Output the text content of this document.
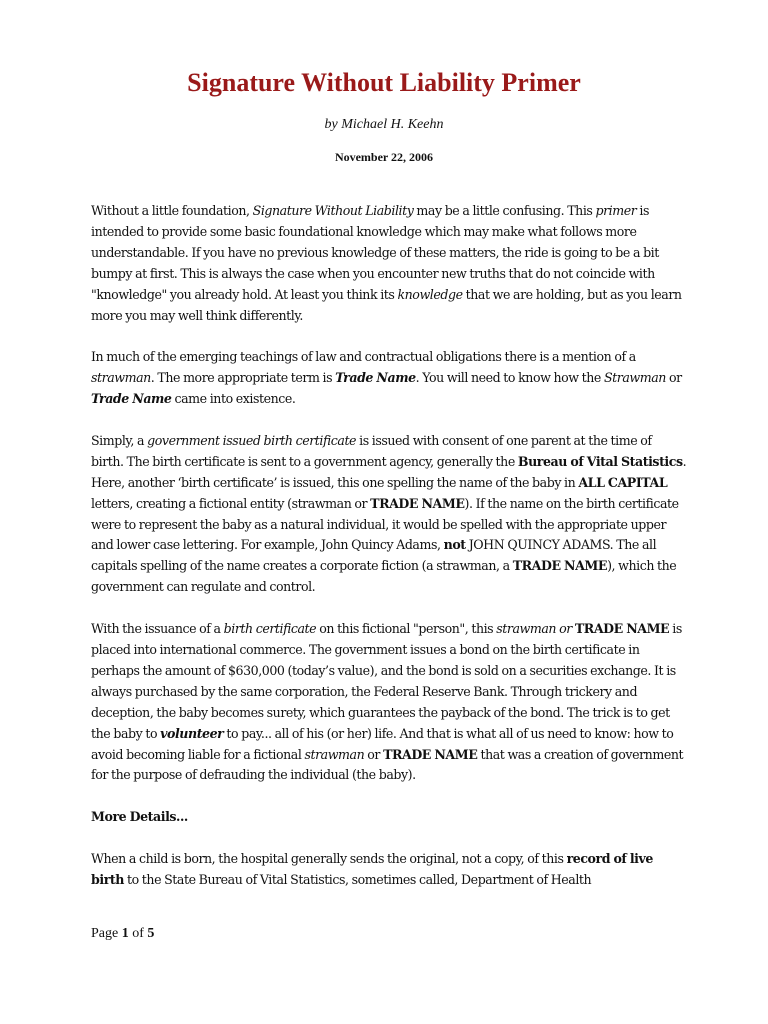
Signature Without Liability Primer
by Michael H. Keehn
November 22, 2006

Without a little foundation, Signature Without Liability may be a little confusing. This primer is intended to provide some basic foundational knowledge which may make what follows more understandable. If you have no previous knowledge of these matters, the ride is going to be a bit bumpy at first. This is always the case when you encounter new truths that do not coincide with "knowledge" you already hold. At least you think its knowledge that we are holding, but as you learn more you may well think differently.

In much of the emerging teachings of law and contractual obligations there is a mention of a strawman. The more appropriate term is Trade Name. You will need to know how the Strawman or Trade Name came into existence.

Simply, a government issued birth certificate is issued with consent of one parent at the time of birth. The birth certificate is sent to a government agency, generally the Bureau of Vital Statistics. Here, another ‘birth certificate’ is issued, this one spelling the name of the baby in ALL CAPITAL letters, creating a fictional entity (strawman or TRADE NAME). If the name on the birth certificate were to represent the baby as a natural individual, it would be spelled with the appropriate upper and lower case lettering. For example, John Quincy Adams, not JOHN QUINCY ADAMS. The all capitals spelling of the name creates a corporate fiction (a strawman, a TRADE NAME), which the government can regulate and control.

With the issuance of a birth certificate on this fictional "person", this strawman or TRADE NAME is placed into international commerce. The government issues a bond on the birth certificate in perhaps the amount of $630,000 (today’s value), and the bond is sold on a securities exchange. It is always purchased by the same corporation, the Federal Reserve Bank. Through trickery and deception, the baby becomes surety, which guarantees the payback of the bond. The trick is to get the baby to volunteer to pay... all of his (or her) life. And that is what all of us need to know: how to avoid becoming liable for a fictional strawman or TRADE NAME that was a creation of government for the purpose of defrauding the individual (the baby).

More Details...

When a child is born, the hospital generally sends the original, not a copy, of this record of live birth to the State Bureau of Vital Statistics, sometimes called, Department of Health

Page 1 of 5
